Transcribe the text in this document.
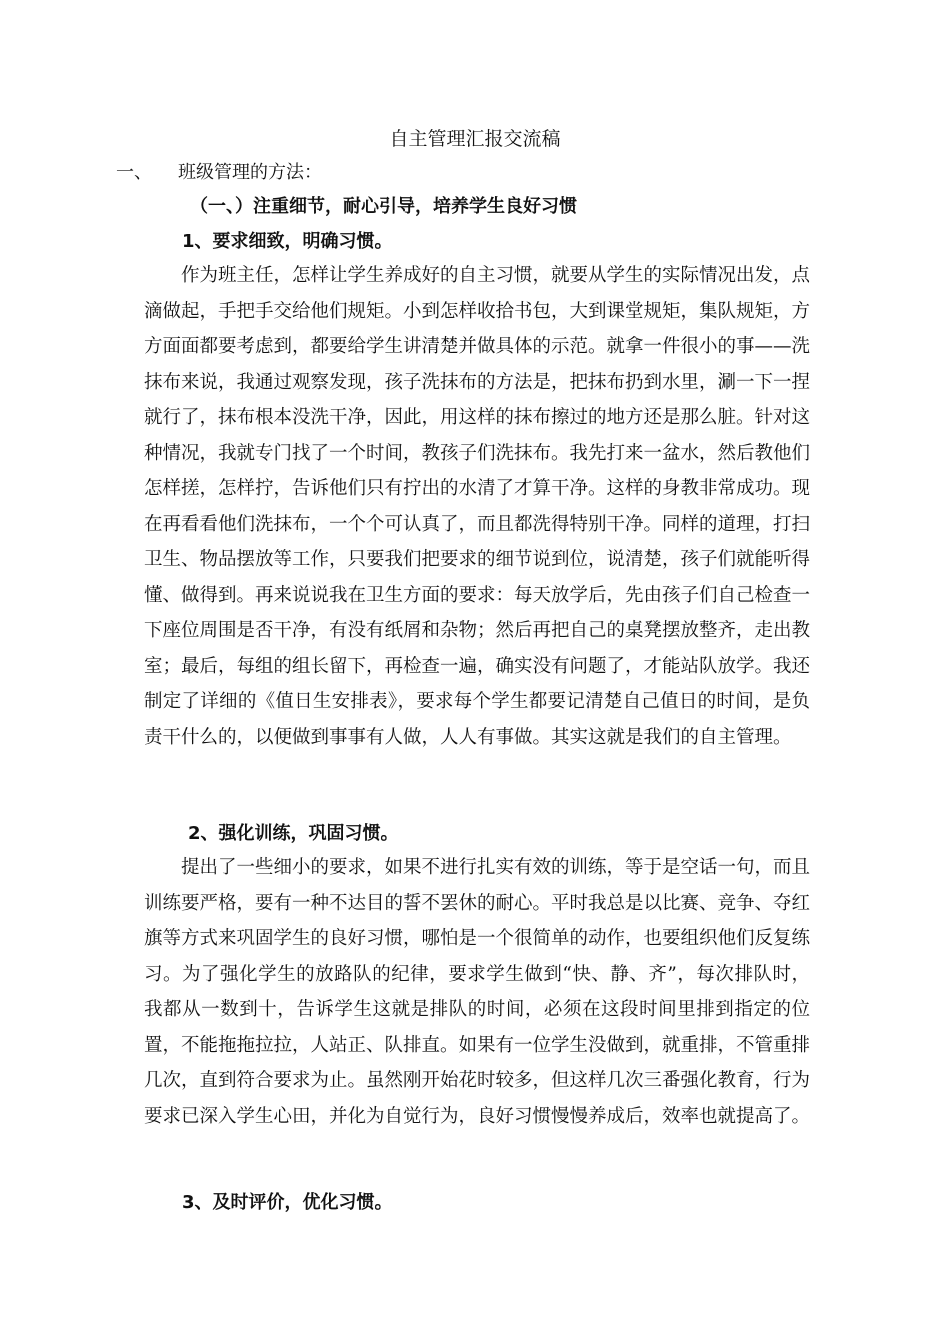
自主管理汇报交流稿
一、 班级管理的方法：
（一、）注重细节，耐心引导，培养学生良好习惯
1、要求细致，明确习惯。

作为班主任，怎样让学生养成好的自主习惯，就要从学生的实际情况出发，点滴做起，手把手交给他们规矩。小到怎样收拾书包，大到课堂规矩，集队规矩，方方面面都要考虑到，都要给学生讲清楚并做具体的示范。就拿一件很小的事——洗抹布来说，我通过观察发现，孩子洗抹布的方法是，把抹布扔到水里，涮一下一捏就行了，抹布根本没洗干净，因此，用这样的抹布擦过的地方还是那么脏。针对这种情况，我就专门找了一个时间，教孩子们洗抹布。我先打来一盆水，然后教他们怎样搓，怎样拧，告诉他们只有拧出的水清了才算干净。这样的身教非常成功。现在再看看他们洗抹布，一个个可认真了，而且都洗得特别干净。同样的道理，打扫卫生、物品摆放等工作，只要我们把要求的细节说到位，说清楚，孩子们就能听得懂、做得到。再来说说我在卫生方面的要求：每天放学后，先由孩子们自己检查一下座位周围是否干净，有没有纸屑和杂物；然后再把自己的桌凳摆放整齐，走出教室；最后，每组的组长留下，再检查一遍，确实没有问题了，才能站队放学。我还制定了详细的《值日生安排表》，要求每个学生都要记清楚自己值日的时间，是负责干什么的，以便做到事事有人做，人人有事做。其实这就是我们的自主管理。

2、强化训练，巩固习惯。

提出了一些细小的要求，如果不进行扎实有效的训练，等于是空话一句，而且训练要严格，要有一种不达目的誓不罢休的耐心。平时我总是以比赛、竞争、夺红旗等方式来巩固学生的良好习惯，哪怕是一个很简单的动作，也要组织他们反复练习。为了强化学生的放路队的纪律，要求学生做到“快、静、齐”，每次排队时，我都从一数到十，告诉学生这就是排队的时间，必须在这段时间里排到指定的位置，不能拖拖拉拉，人站正、队排直。如果有一位学生没做到，就重排，不管重排几次，直到符合要求为止。虽然刚开始花时较多，但这样几次三番强化教育，行为要求已深入学生心田，并化为自觉行为，良好习惯慢慢养成后，效率也就提高了。

3、及时评价，优化习惯。
